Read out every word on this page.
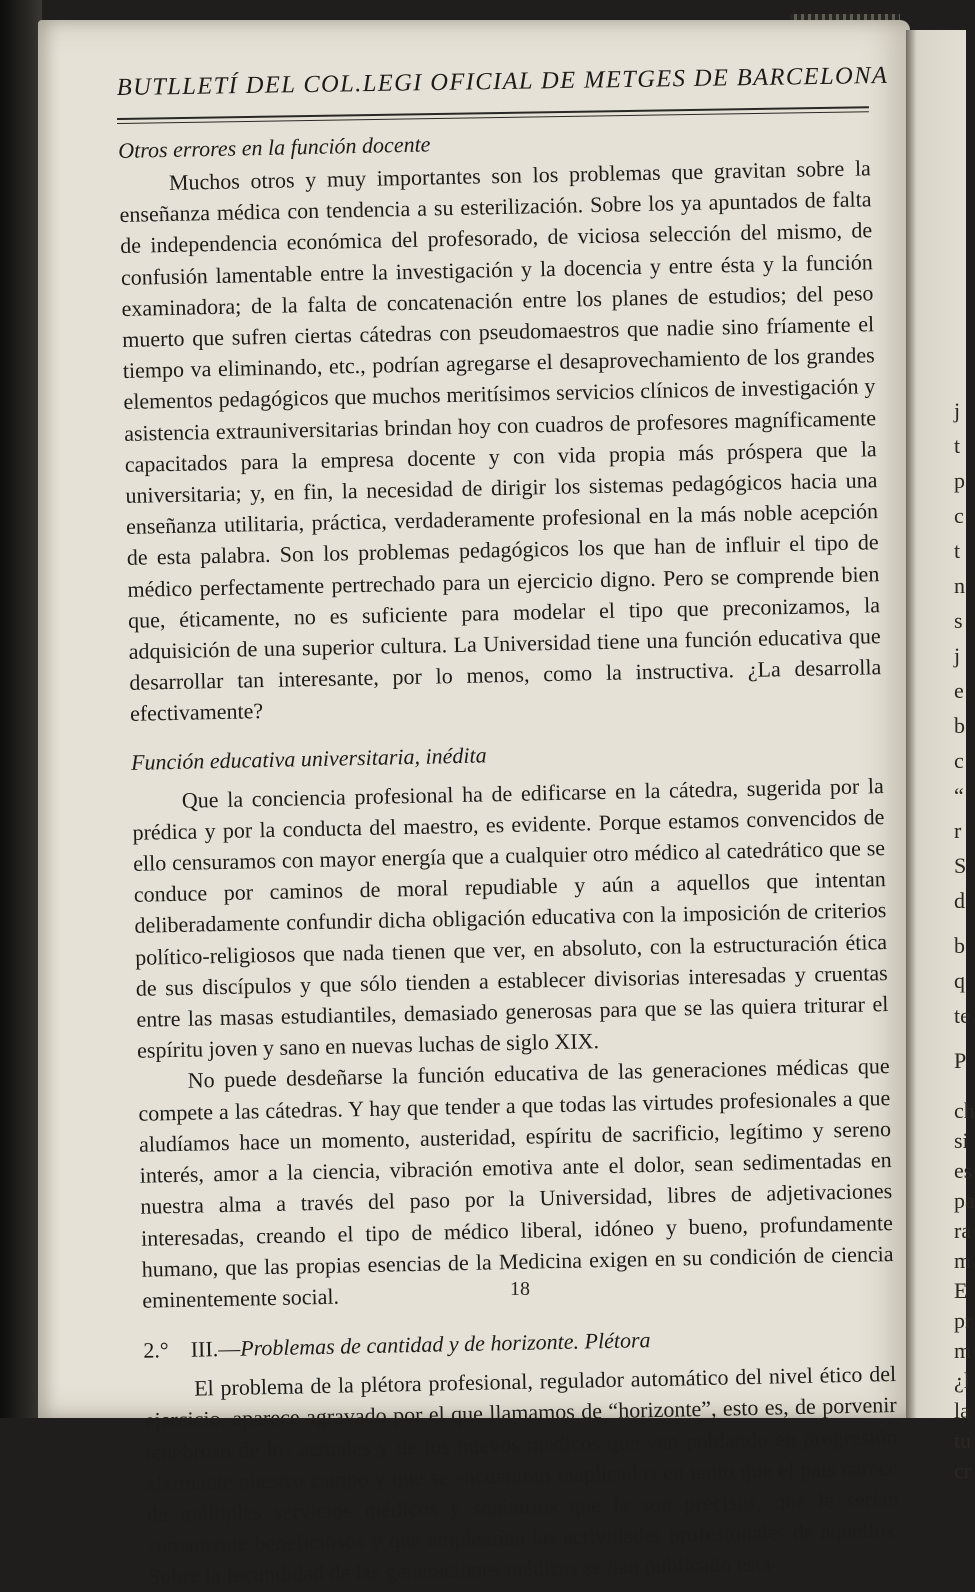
j
t
p
c
t
n
s
j
e
b
c
“
r
S
d
b
q
te
P
ch
si
es
pa
ra
m
E
pr
m
¿l
la
tu
cr
BUTLLETÍ DEL COL.LEGI OFICIAL DE METGES DE BARCELONA
Otros errores en la función docente

Muchos otros y muy importantes son los problemas que gravitan sobre la enseñanza médica con tendencia a su esterilización. Sobre los ya apuntados de falta de independencia económica del profesorado, de viciosa selección del mismo, de confusión lamentable entre la investigación y la docencia y entre ésta y la función examinadora; de la falta de concatenación entre los planes de estudios; del peso muerto que sufren ciertas cátedras con pseudomaestros que nadie sino fríamente el tiempo va eliminando, etc., podrían agregarse el desaprovechamiento de los grandes elementos pedagógicos que muchos meritísimos servicios clínicos de investigación y asistencia extrauniversitarias brindan hoy con cuadros de profesores magníficamente capacitados para la empresa docente y con vida propia más próspera que la universitaria; y, en fin, la necesidad de dirigir los sistemas pedagógicos hacia una enseñanza utilitaria, práctica, verdaderamente profesional en la más noble acepción de esta palabra. Son los problemas pedagógicos los que han de influir el tipo de médico perfectamente pertrechado para un ejercicio digno. Pero se comprende bien que, éticamente, no es suficiente para modelar el tipo que preconizamos, la adquisición de una superior cultura. La Universidad tiene una función educativa que desarrollar tan interesante, por lo menos, como la instructiva. ¿La desarrolla efectivamente?

Función educativa universitaria, inédita

Que la conciencia profesional ha de edificarse en la cátedra, sugerida por la prédica y por la conducta del maestro, es evidente. Porque estamos convencidos de ello censuramos con mayor energía que a cualquier otro médico al catedrático que se conduce por caminos de moral repudiable y aún a aquellos que intentan deliberadamente confundir dicha obligación educativa con la imposición de criterios político-religiosos que nada tienen que ver, en absoluto, con la estructuración ética de sus discípulos y que sólo tienden a establecer divisorias interesadas y cruentas entre las masas estudiantiles, demasiado generosas para que se las quiera triturar el espíritu joven y sano en nuevas luchas de siglo XIX.

No puede desdeñarse la función educativa de las generaciones médicas que compete a las cátedras. Y hay que tender a que todas las virtudes profesionales a que aludíamos hace un momento, austeridad, espíritu de sacrificio, legítimo y sereno interés, amor a la ciencia, vibración emotiva ante el dolor, sean sedimentadas en nuestra alma a través del paso por la Universidad, libres de adjetivaciones interesadas, creando el tipo de médico liberal, idóneo y bueno, profundamente humano, que las propias esencias de la Medicina exigen en su condición de ciencia eminentemente social.

2.° III.—Problemas de cantidad y de horizonte. Plétora

El problema de la plétora profesional, regulador automático del nivel ético del ejercicio, aparece agravado por el que llamamos de “horizonte”, esto es, de porvenir tenebroso de los actuales y de los nuevos médicos que van poblando en progresión alarmante nuestro campo y que se encuentran inaplicados en tanto que el país carece de múltiples servicios médicos y sanitarios que le son precisos, que le serían sumamente beneficiosos y que emplearían las actividades profesionales de aquéllos. Sobre la fecundidad de las generaciones médicas se han publicado esta-

18
